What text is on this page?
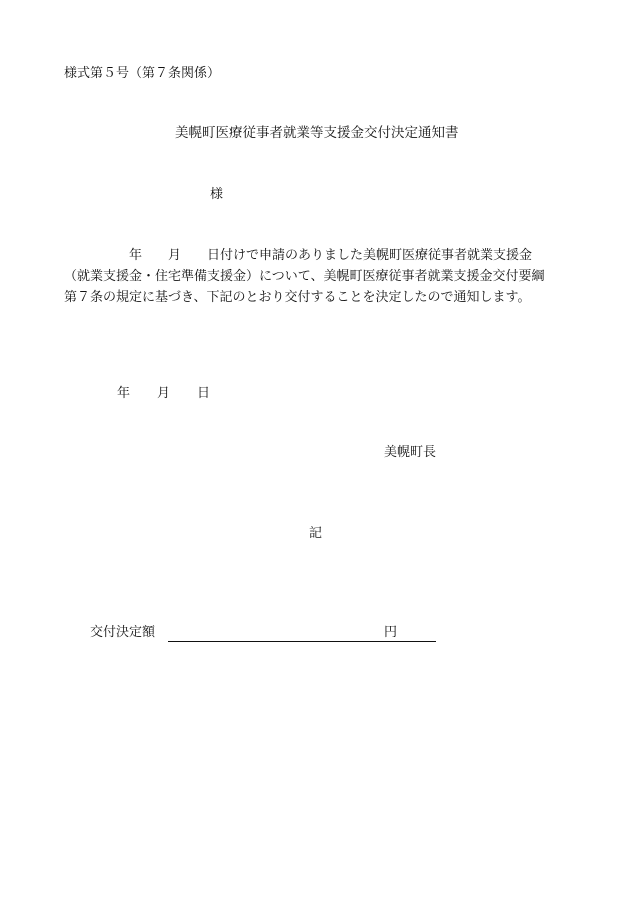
様式第５号（第７条関係）
美幌町医療従事者就業等支援金交付決定通知書
様
　　　　　年　　月　　日付けで申請のありました美幌町医療従事者就業支援金
（就業支援金・住宅準備支援金）について、美幌町医療従事者就業支援金交付要綱
第７条の規定に基づき、下記のとおり交付することを決定したので通知します。
年 月 日
美幌町長
記
交付決定額	円
